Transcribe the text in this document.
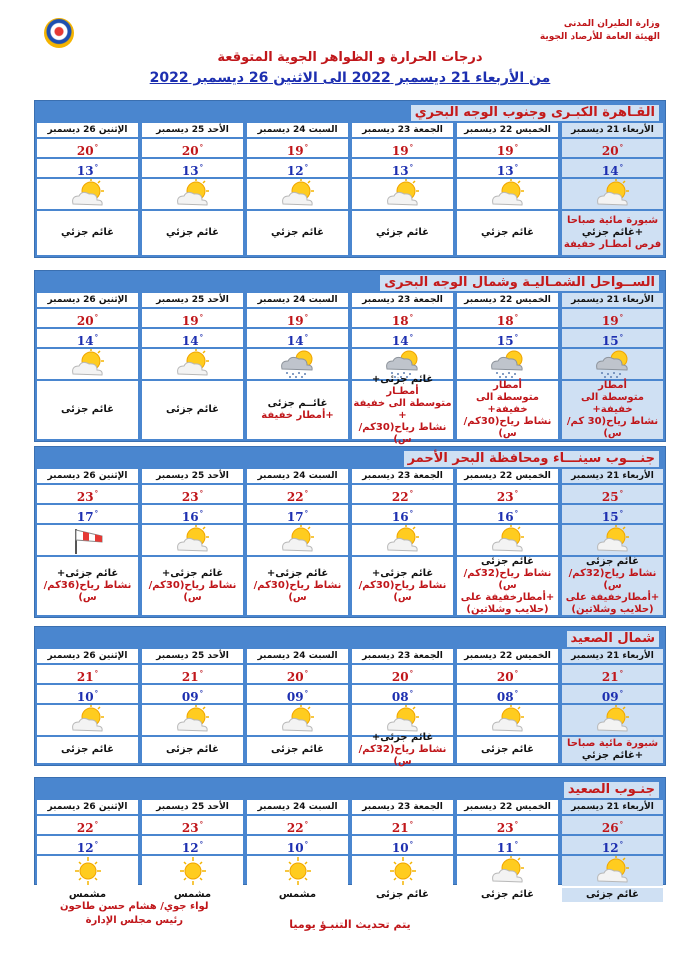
وزارة الطيران المدنى
الهيئة العامة للأرصاد الجوية
درجات الحرارة و الظواهر الجوية المتوقعة
من الأربعاء 21 ديسمبر 2022 الى الاثنين 26 ديسمبر 2022
القـاهرة الكبـرى وجنوب الوجه البحري
الأربعاء 21 ديسمبر
20°
14°
شبورة مائية صباحا
+غائم جزئي
فرص أمطـار خفيفة
الخميس 22 ديسمبر
19°
13°
غائم جزئي
الجمعة 23 ديسمبر
19°
13°
غائم جزئي
السبت 24 ديسمبر
19°
12°
غائم جزئي
الأحد 25 ديسمبر
20°
13°
غائم جزئي
الإثنين 26 ديسمبر
20°
13°
غائم جزئي
الســواحل الشمـاليـة وشمال الوجه البحرى
الأربعاء 21 ديسمبر
19°
15°
أمطار
متوسطة الى خفيفة+
نشاط رياح(30 كم/س)
الخميس 22 ديسمبر
18°
15°
أمطار
متوسطة الى خفيفة+
نشاط رياح(30كم/س)
الجمعة 23 ديسمبر
18°
14°
غائم جزئى+
أمطـار
متوسطة الى خفيفة +
نشاط رياح(30كم/س)
السبت 24 ديسمبر
19°
14°
غائــم جزئى
+أمطار خفيفة
الأحد 25 ديسمبر
19°
14°
غائم جزئى
الإثنين 26 ديسمبر
20°
14°
غائم جزئى
جنـــوب سينـــاء ومحافظة البحر الأحمر
الأربعاء 21 ديسمبر
25°
15°
غائم جزئى
نشاط رياح(32كم/س)
+أمطارخفيفة على
(حلايب وشلاتين)
الخميس 22 ديسمبر
23°
16°
غائم جزئى
نشاط رياح(32كم/س)
+أمطارخفيفة على
(حلايب وشلاتين)
الجمعة 23 ديسمبر
22°
16°
غائم جزئى+
نشاط رياح(30كم/س)
السبت 24 ديسمبر
22°
17°
غائم جزئى+
نشاط رياح(30كم/س)
الأحد 25 ديسمبر
23°
16°
غائم جزئى+
نشاط رياح(30كم/س)
الإثنين 26 ديسمبر
23°
17°
غائم جزئى+
نشاط رياح(36كم/س)
شمال الصعيد
الأربعاء 21 ديسمبر
21°
09°
شبورة مائية صباحا
+غائم جزئي
الخميس 22 ديسمبر
20°
08°
غائم جزئى
الجمعة 23 ديسمبر
20°
08°
غائم جزئى+
نشاط رياح(32كم/س)
السبت 24 ديسمبر
20°
09°
غائم جزئى
الأحد 25 ديسمبر
21°
09°
غائم جزئى
الإثنين 26 ديسمبر
21°
10°
غائم جزئى
جنـوب الصعيد
الأربعاء 21 ديسمبر
26°
12°
غائم جزئى
الخميس 22 ديسمبر
23°
11°
غائم جزئى
الجمعة 23 ديسمبر
21°
10°
غائم جزئى
السبت 24 ديسمبر
22°
10°
مشمس
الأحد 25 ديسمبر
23°
12°
مشمس
الإثنين 26 ديسمبر
22°
12°
مشمس
لواء جوي/ هشام حسن طاحون
رئيس مجلس الإدارة	يتم تحديث التنبـؤ يوميا
